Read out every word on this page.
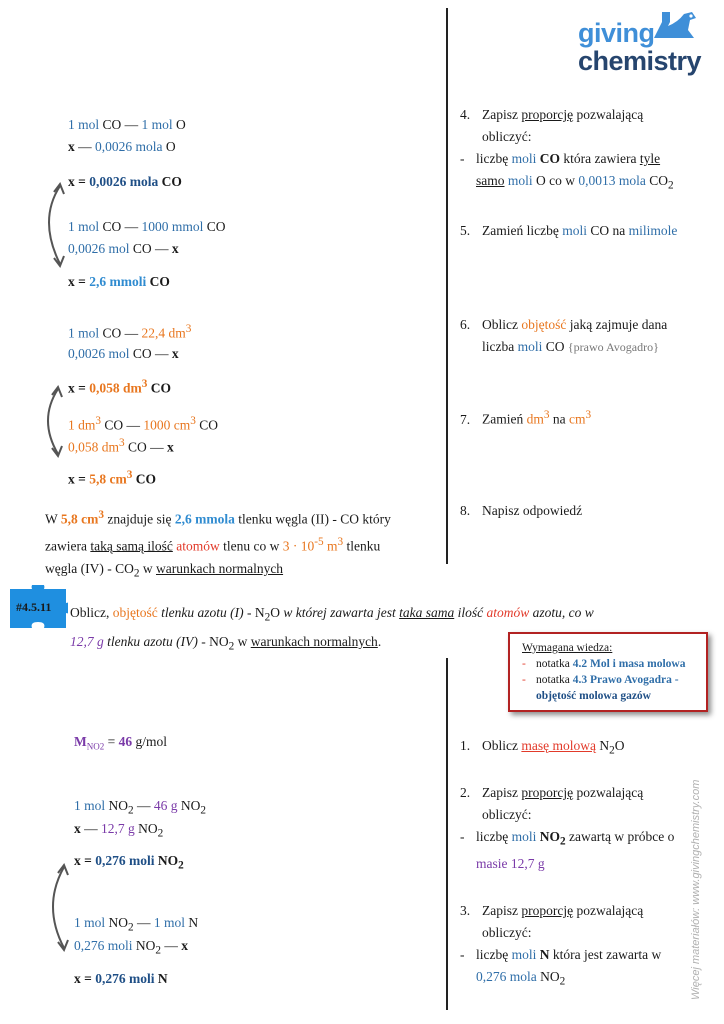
giving
chemistry
1 mol CO — 1 mol O
x — 0,0026 mola O
x = 0,0026 mola CO
1 mol CO — 1000 mmol CO
0,0026 mol CO — x
x = 2,6 mmoli CO
1 mol CO — 22,4 $dm^3$
0,0026 mol CO — x
x = 0,058 $dm^3$ CO
1 $dm^3$ CO — 1000 $cm^3$ CO
0,058 $dm^3$ CO — x
x = 5,8 $cm^3$ CO
W 5,8 $cm^3$ znajduje się 2,6 mmola tlenku węgla (II) - CO który
zawiera taką samą ilość atomów tlenu co w $3 \cdot 10^{-5}$ $m^3$ tlenku
węgla $(IV) - CO_2$ w warunkach normalnych
4. Zapisz proporcję pozwalającą
obliczyć:
- liczbę moli CO która zawiera tyle
samo moli O co w 0,0013 mola $CO_2$
5. Zamień liczbę moli CO na milimole
6. Oblicz objętość jaką zajmuje dana
liczba moli CO {prawo Avogadro}
7. Zamień $dm^3$ na $cm^3$
8. Napisz odpowiedź
#4.5.11 Oblicz, objętość tlenku azotu $(I) - N_2O$ w której zawarta jest taka sama ilość atomów azotu, co w
12,7 g tlenku azotu $(IV) - NO_2$ w warunkach normalnych.	Wymagana wiedza:
- notatka 4.2 Mol i masa molowa
- notatka 4.3 Prawo Avogadra -
objętość molowa gazów
$M_{NO2} = 46$ g/mol
1 mol $NO_2$ — 46 g $NO_2$
x — 12,7 g $NO_2$
x = 0,276 moli $NO_2$
1 mol $NO_2$ — 1 mol N
0,276 moli $NO_2$ — x
x = 0,276 moli N
1. Oblicz masę molową $N_2O$
2. Zapisz proporcję pozwalającą
obliczyć:
- liczbę moli $NO_2$ zawartą w próbce o
masie 12,7 g
3. Zapisz proporcję pozwalającą
obliczyć:
- liczbę moli N która jest zawarta w
0,276 mola $NO_2$	Więcej materiałów: www.givingchemistry.com
